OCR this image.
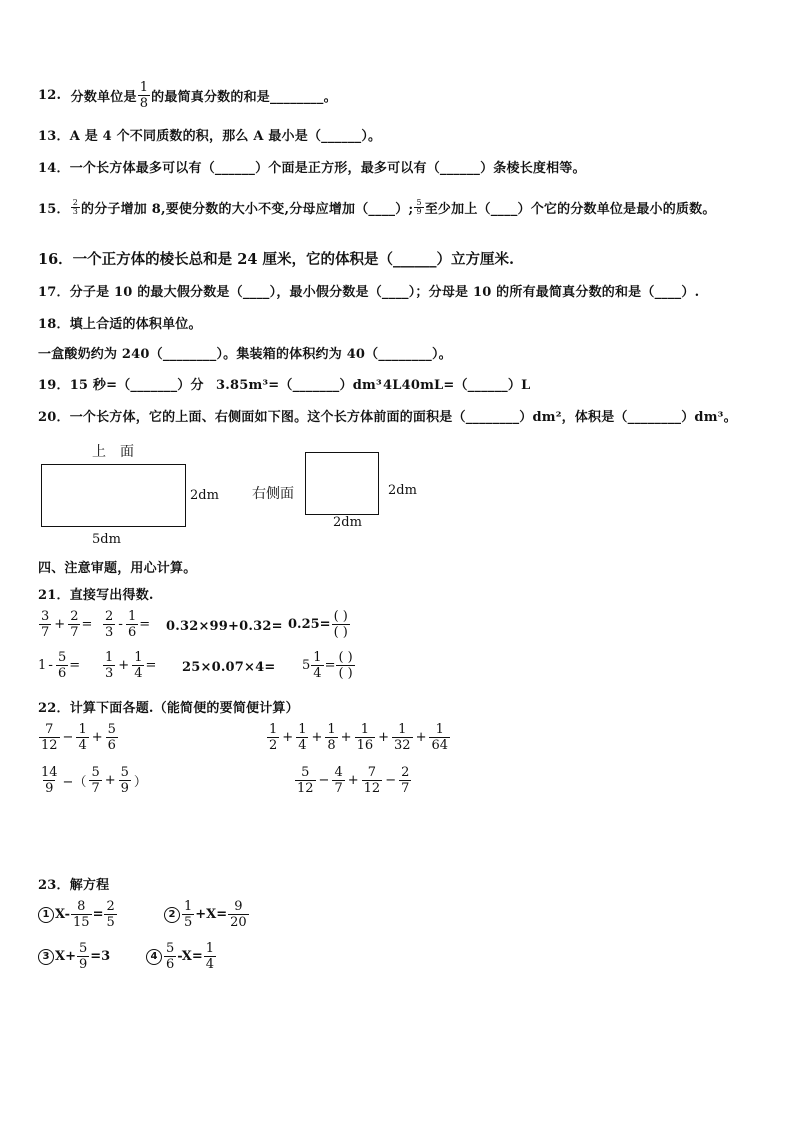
12.
分数单位是 $\frac{1}{8}$ 的最简真分数的和是________。
13．A 是 4 个不同质数的积，那么 A 最小是（______）。
14．一个长方体最多可以有（______）个面是正方形，最多可以有（______）条棱长度相等。
15． $\frac{2}{3}$ 的分子增加 8,要使分数的大小不变,分母应增加（____）; $\frac{5}{9}$ 至少加上（____）个它的分数单位是最小的质数。
16．一个正方体的棱长总和是 24 厘米，它的体积是（______）立方厘米.
17．分子是 10 的最大假分数是（____），最小假分数是（____）；分母是 10 的所有最简真分数的和是（____）.
18．填上合适的体积单位。
一盒酸奶约为 240（________）。集装箱的体积约为 40（________）。
19．15 秒=（_______）分 3.85m³=（_______）dm³ 4L40mL=（______）L
20．一个长方体，它的上面、右侧面如下图。这个长方体前面的面积是（________）dm²，体积是（________）dm³。
上　面
2dm
5dm
右侧面	2dm
2dm
四、注意审题，用心计算。
21．直接写出得数.
$\frac{3}{7} + \frac{2}{7} = \frac{2}{3} - \frac{1}{6} = 0.32\times 99+0.32= 0.25=$
( )
( )
$1 - \frac{5}{6} = \frac{1}{3} + \frac{1}{4} = 25\times 0.07\times 4= 5 \frac{1}{4}$ =
( )
( )
22．计算下面各题.（能简便的要简便计算）
$\frac{7}{12} - \frac{1}{4} + \frac{5}{6}$	$\frac{1}{2} + \frac{1}{4} + \frac{1}{8} + \frac{1}{16} + \frac{1}{32} + \frac{1}{64}$
$\frac{14}{9}$ −（ $\frac{5}{7} + \frac{5}{9}$ ）	$\frac{5}{12} - \frac{4}{7} + \frac{7}{12} - \frac{2}{7}$
23．解方程
1 $X- \frac{8}{15} = \frac{2}{5}$	$2 \frac{1}{5} +X= \frac{9}{20}$
3 $X+ \frac{5}{9} =3$	$4 \frac{5}{6} -X= \frac{1}{4}$
